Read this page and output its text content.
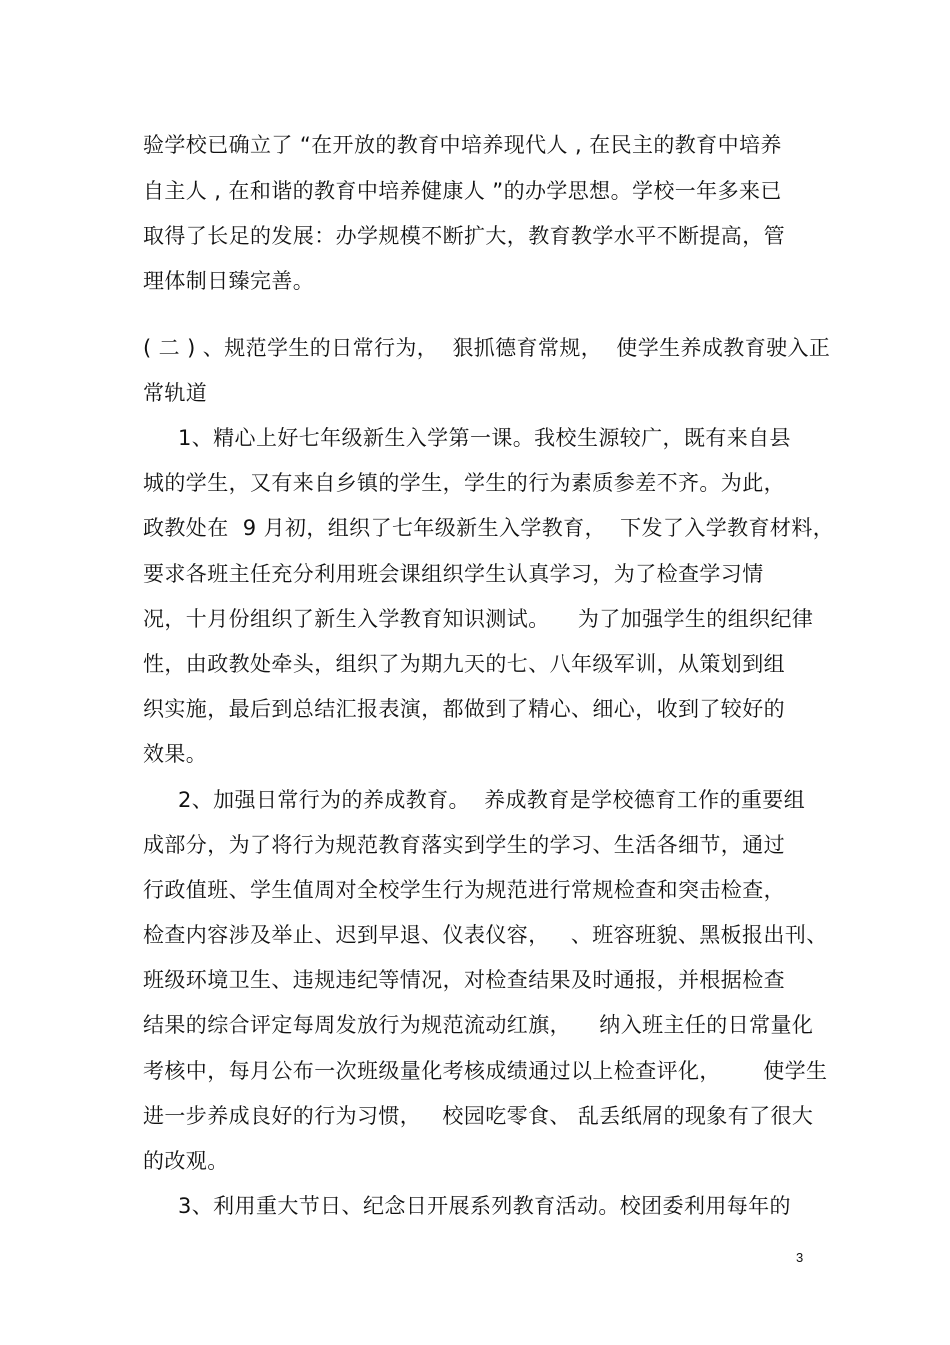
验学校已确立了 “在开放的教育中培养现代人 , 在民主的教育中培养
自主人 , 在和谐的教育中培养健康人 ”的办学思想。学校一年多来已
取得了长足的发展：办学规模不断扩大，教育教学水平不断提高，管
理体制日臻完善。
( 二 ) 、规范学生的日常行为，  狠抓德育常规，  使学生养成教育驶入正
常轨道
1、精心上好七年级新生入学第一课。我校生源较广，既有来自县
城的学生，又有来自乡镇的学生，学生的行为素质参差不齐。为此，
政教处在  9 月初，组织了七年级新生入学教育，  下发了入学教育材料，
要求各班主任充分利用班会课组织学生认真学习，为了检查学习情
况，十月份组织了新生入学教育知识测试。    为了加强学生的组织纪律
性，由政教处牵头，组织了为期九天的七、八年级军训，从策划到组
织实施，最后到总结汇报表演，都做到了精心、细心，收到了较好的
效果。
2、加强日常行为的养成教育。  养成教育是学校德育工作的重要组
成部分，为了将行为规范教育落实到学生的学习、生活各细节，通过
行政值班、学生值周对全校学生行为规范进行常规检查和突击检查，
检查内容涉及举止、迟到早退、仪表仪容，   、班容班貌、黑板报出刊、
班级环境卫生、违规违纪等情况，对检查结果及时通报，并根据检查
结果的综合评定每周发放行为规范流动红旗，    纳入班主任的日常量化
考核中，每月公布一次班级量化考核成绩通过以上检查评化，      使学生
进一步养成良好的行为习惯，   校园吃零食、 乱丢纸屑的现象有了很大
的改观。
3、利用重大节日、纪念日开展系列教育活动。校团委利用每年的
3
